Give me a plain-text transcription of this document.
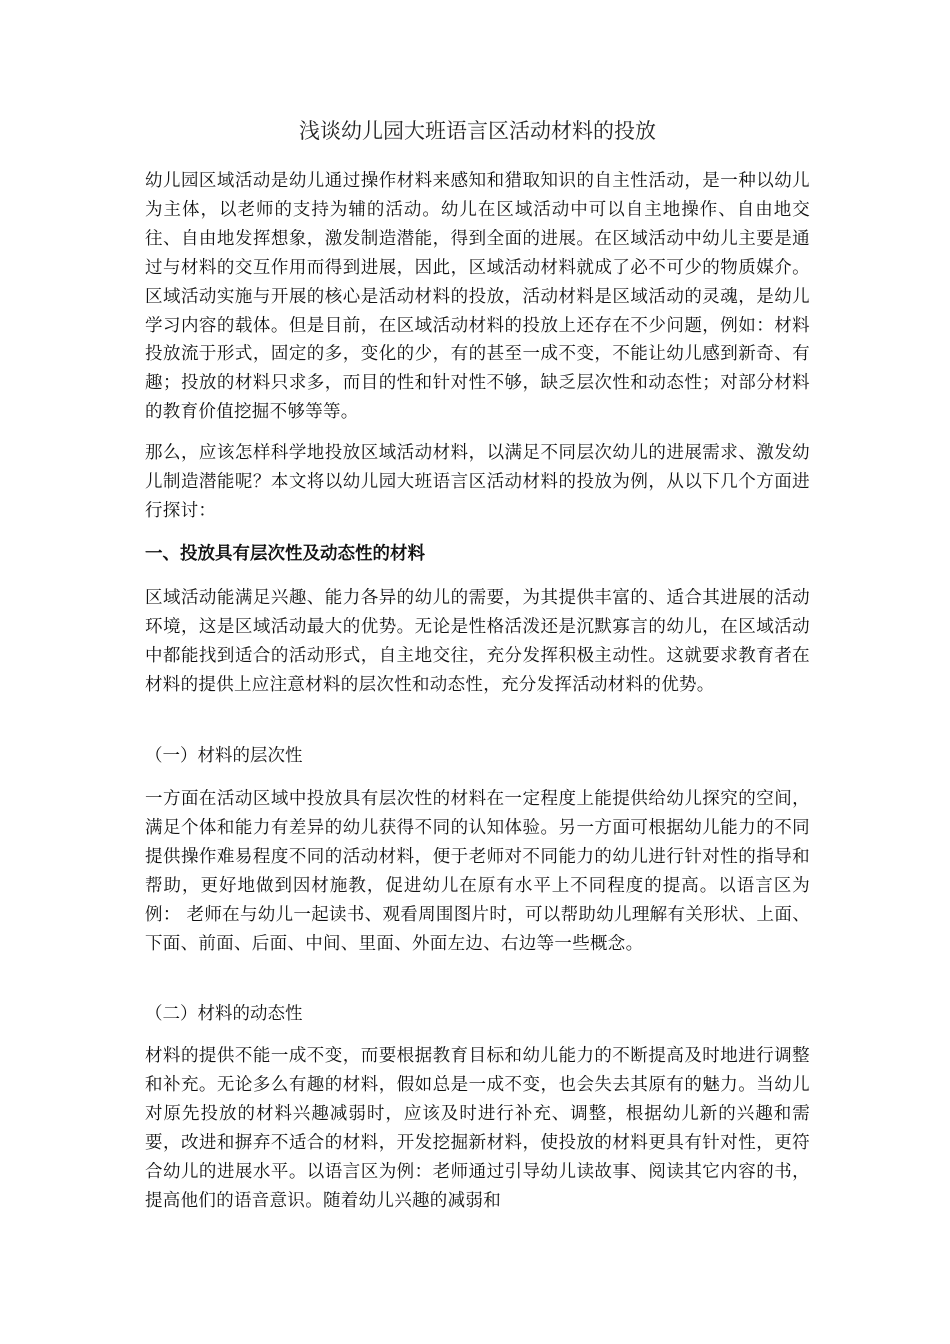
浅谈幼儿园大班语言区活动材料的投放

幼儿园区域活动是幼儿通过操作材料来感知和猎取知识的自主性活动，是一种以幼儿为主体，以老师的支持为辅的活动。幼儿在区域活动中可以自主地操作、自由地交往、自由地发挥想象，激发制造潜能，得到全面的进展。在区域活动中幼儿主要是通过与材料的交互作用而得到进展，因此，区域活动材料就成了必不可少的物质媒介。区域活动实施与开展的核心是活动材料的投放，活动材料是区域活动的灵魂，是幼儿学习内容的载体。但是目前，在区域活动材料的投放上还存在不少问题，例如：材料投放流于形式，固定的多，变化的少，有的甚至一成不变，不能让幼儿感到新奇、有趣；投放的材料只求多，而目的性和针对性不够，缺乏层次性和动态性；对部分材料的教育价值挖掘不够等等。

那么，应该怎样科学地投放区域活动材料，以满足不同层次幼儿的进展需求、激发幼儿制造潜能呢？本文将以幼儿园大班语言区活动材料的投放为例，从以下几个方面进行探讨：

一、投放具有层次性及动态性的材料

区域活动能满足兴趣、能力各异的幼儿的需要，为其提供丰富的、适合其进展的活动环境，这是区域活动最大的优势。无论是性格活泼还是沉默寡言的幼儿，在区域活动中都能找到适合的活动形式，自主地交往，充分发挥积极主动性。这就要求教育者在材料的提供上应注意材料的层次性和动态性，充分发挥活动材料的优势。

（一）材料的层次性

一方面在活动区域中投放具有层次性的材料在一定程度上能提供给幼儿探究的空间，满足个体和能力有差异的幼儿获得不同的认知体验。另一方面可根据幼儿能力的不同提供操作难易程度不同的活动材料，便于老师对不同能力的幼儿进行针对性的指导和帮助，更好地做到因材施教，促进幼儿在原有水平上不同程度的提高。以语言区为例： 老师在与幼儿一起读书、观看周围图片时，可以帮助幼儿理解有关形状、上面、下面、前面、后面、中间、里面、外面左边、右边等一些概念。

（二）材料的动态性

材料的提供不能一成不变，而要根据教育目标和幼儿能力的不断提高及时地进行调整和补充。无论多么有趣的材料，假如总是一成不变，也会失去其原有的魅力。当幼儿对原先投放的材料兴趣减弱时，应该及时进行补充、调整，根据幼儿新的兴趣和需要，改进和摒弃不适合的材料，开发挖掘新材料，使投放的材料更具有针对性，更符合幼儿的进展水平。以语言区为例：老师通过引导幼儿读故事、阅读其它内容的书，提高他们的语音意识。随着幼儿兴趣的减弱和
